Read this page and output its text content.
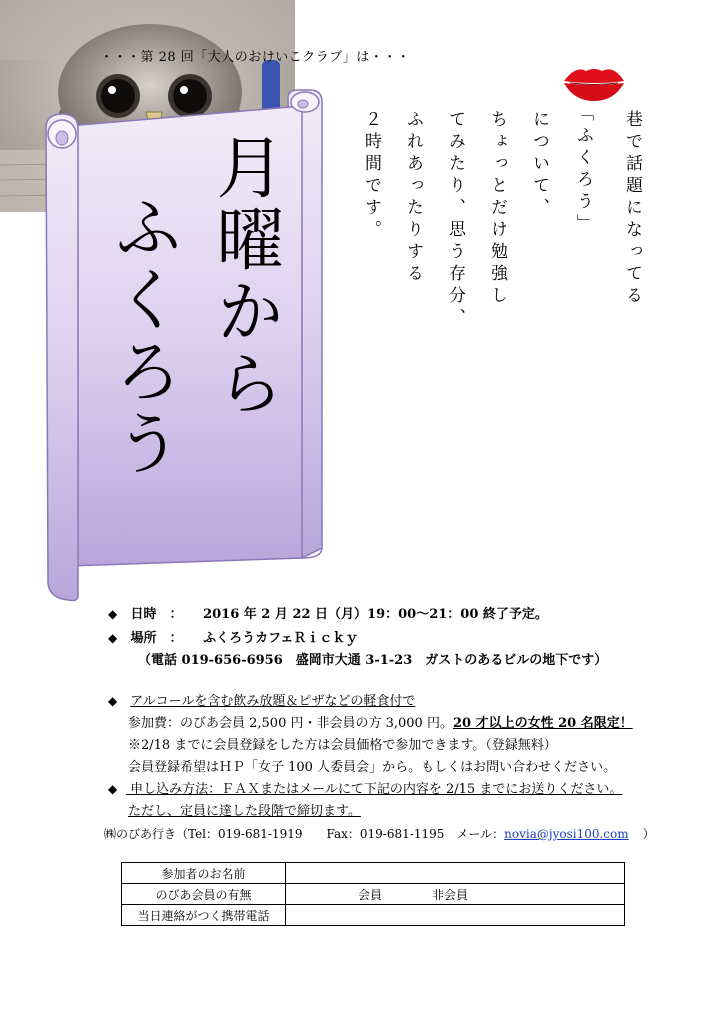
・・・第 28 回「大人のおけいこクラブ」は・・・
月曜から
ふくろう	巷で話題になってる
「ふくろう」
について、
ちょっとだけ勉強し
てみたり、思う存分、
ふれあったりする
２時間です。
◆ 日時　： 2016 年 2 月 22 日（月）19：00～21：00 終了予定。
◆ 場所　： ふくろうカフェＲｉｃｋｙ
（電話 019-656-6956　盛岡市大通 3-1-23　ガストのあるビルの地下です）
◆ アルコールを含む飲み放題＆ピザなどの軽食付で
参加費：のびあ会員 2,500 円・非会員の方 3,000 円。20 才以上の女性 20 名限定！
※2/18 までに会員登録をした方は会員価格で参加できます。（登録無料）
会員登録希望はＨＰ「女子 100 人委員会」から。もしくはお問い合わせください。
◆ 申し込み方法：ＦＡＸまたはメールにて下記の内容を 2/15 までにお送りください。
ただし、定員に達した段階で締切ます。
㈱のびあ行き（Tel：019-681-1919　　Fax：019-681-1195　メール：novia@jyosi100.com ）
参加者のお名前	
のびあ会員の有無	会員 非会員
当日連絡がつく携帯電話	
